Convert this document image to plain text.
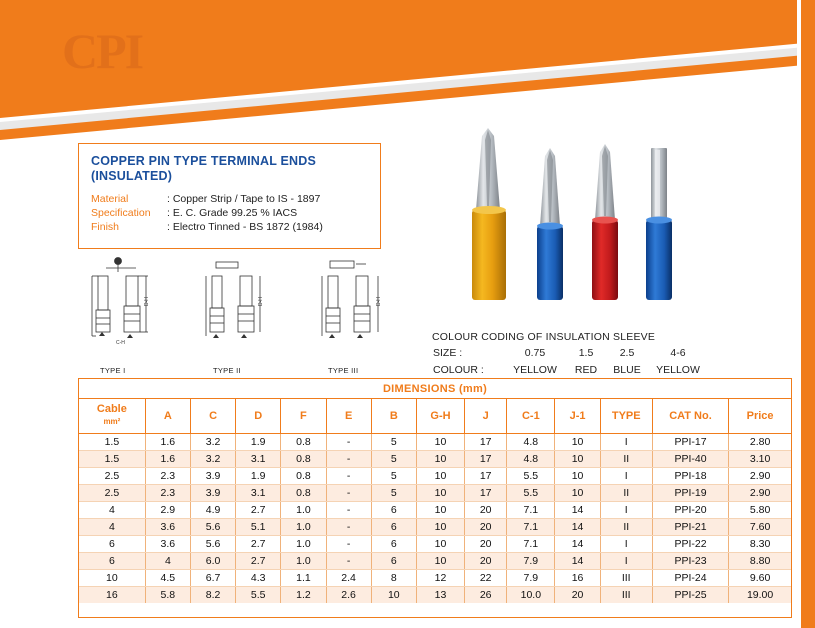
CPI
COPPER PIN TYPE TERMINAL ENDS
(INSULATED)
Material	: Copper Strip / Tape to IS - 1897
Specification	: E. C. Grade 99.25 % IACS
Finish	: Electro Tinned - BS 1872 (1984)
D-H
C-H
D-H	D-H
TYPE I	TYPE II	TYPE III
COLOUR CODING OF INSULATION SLEEVE
SIZE :	0.75	1.5	2.5	4-6
COLOUR :	YELLOW	RED	BLUE	YELLOW
DIMENSIONS (mm)
Cable
mm²	A	C	D	F	E	B	G-H	J	C-1	J-1	TYPE	CAT No.	Price
1.5	1.6	3.2	1.9	0.8	-	5	10	17	4.8	10	I	PPI-17	2.80
1.5	1.6	3.2	3.1	0.8	-	5	10	17	4.8	10	II	PPI-40	3.10
2.5	2.3	3.9	1.9	0.8	-	5	10	17	5.5	10	I	PPI-18	2.90
2.5	2.3	3.9	3.1	0.8	-	5	10	17	5.5	10	II	PPI-19	2.90
4	2.9	4.9	2.7	1.0	-	6	10	20	7.1	14	I	PPI-20	5.80
4	3.6	5.6	5.1	1.0	-	6	10	20	7.1	14	II	PPI-21	7.60
6	3.6	5.6	2.7	1.0	-	6	10	20	7.1	14	I	PPI-22	8.30
6	4	6.0	2.7	1.0	-	6	10	20	7.9	14	I	PPI-23	8.80
10	4.5	6.7	4.3	1.1	2.4	8	12	22	7.9	16	III	PPI-24	9.60
16	5.8	8.2	5.5	1.2	2.6	10	13	26	10.0	20	III	PPI-25	19.00
